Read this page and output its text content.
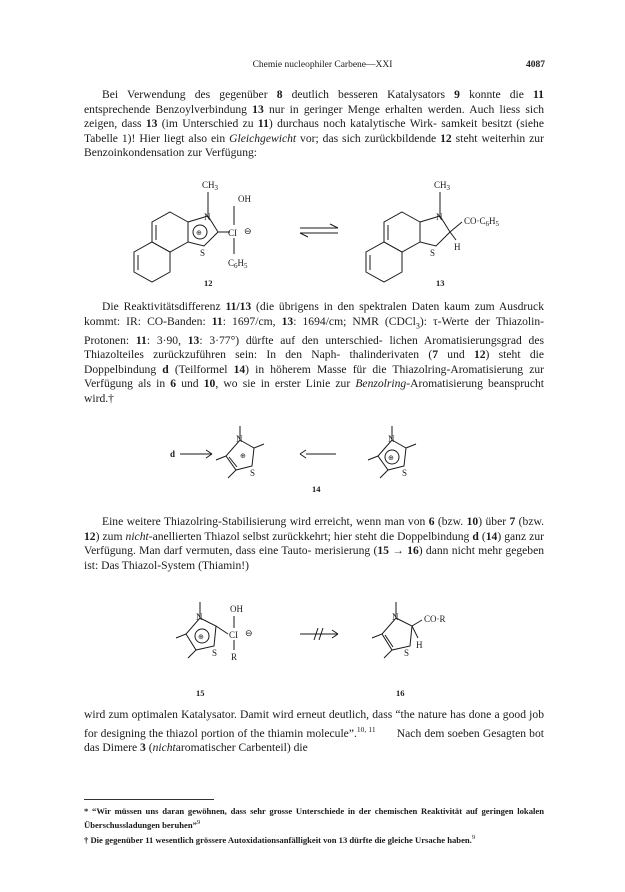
Chemie nucleophiler Carbene—XXI	4087

Bei Verwendung des gegenüber 8 deutlich besseren Katalysators 9 konnte die 11 entsprechende Benzoylverbindung 13 nur in geringer Menge erhalten werden. Auch liess sich zeigen, dass 13 (im Unterschied zu 11) durchaus noch katalytische Wirk- samkeit besitzt (siehe Tabelle 1)! Hier liegt also ein Gleichgewicht vor; das sich zurückbildende 12 steht weiterhin zur Benzoinkondensation zur Verfügung:

$CH_3$
N
S
⊕
OH
CI ⊖
$C_6H_5$
12
$CH_3$
N
S
H
$CO\cdot C_6H_5$
13

Die Reaktivitätsdifferenz 11/13 (die übrigens in den spektralen Daten kaum zum Ausdruck kommt: IR: CO-Banden: 11: 1697/cm, 13: 1694/cm; NMR (CDCl$_3$): τ-Werte der Thiazolin-Protonen: 11: 3·90, 13: 3·77°) dürfte auf den unterschied- lichen Aromatisierungsgrad des Thiazolteiles zurückzuführen sein: In den Naph- thalinderivaten (7 und 12) steht die Doppelbindung d (Teilformel 14) in höherem Masse für die Thiazolring-Aromatisierung zur Verfügung als in 6 und 10, wo sie in erster Linie zur Benzolring-Aromatisierung beansprucht wird.†

d
N
S
⊕
N
S
⊕
14

Eine weitere Thiazolring-Stabilisierung wird erreicht, wenn man von 6 (bzw. 10) über 7 (bzw. 12) zum nicht-anellierten Thiazol selbst zurückkehrt; hier steht die Doppelbindung d (14) ganz zur Verfügung. Man darf vermuten, dass eine Tauto- merisierung (15 → 16) dann nicht mehr gegeben ist: Das Thiazol-System (Thiamin!)

N
S
⊕
OH
CI ⊖
R
15
N
S
H
CO·R
16

wird zum optimalen Katalysator. Damit wird erneut deutlich, dass “the nature has done a good job for designing the thiazol portion of the thiamin molecule”.$^{10, 11}$ Nach dem soeben Gesagten bot das Dimere 3 (nichtaromatischer Carbenteil) die

* “Wir müssen uns daran gewöhnen, dass sehr grosse Unterschiede in der chemischen Reaktivität auf geringen lokalen Überschussladungen beruhen”$^9$

† Die gegenüber 11 wesentlich grössere Autoxidationsanfälligkeit von 13 dürfte die gleiche Ursache haben.$^9$
